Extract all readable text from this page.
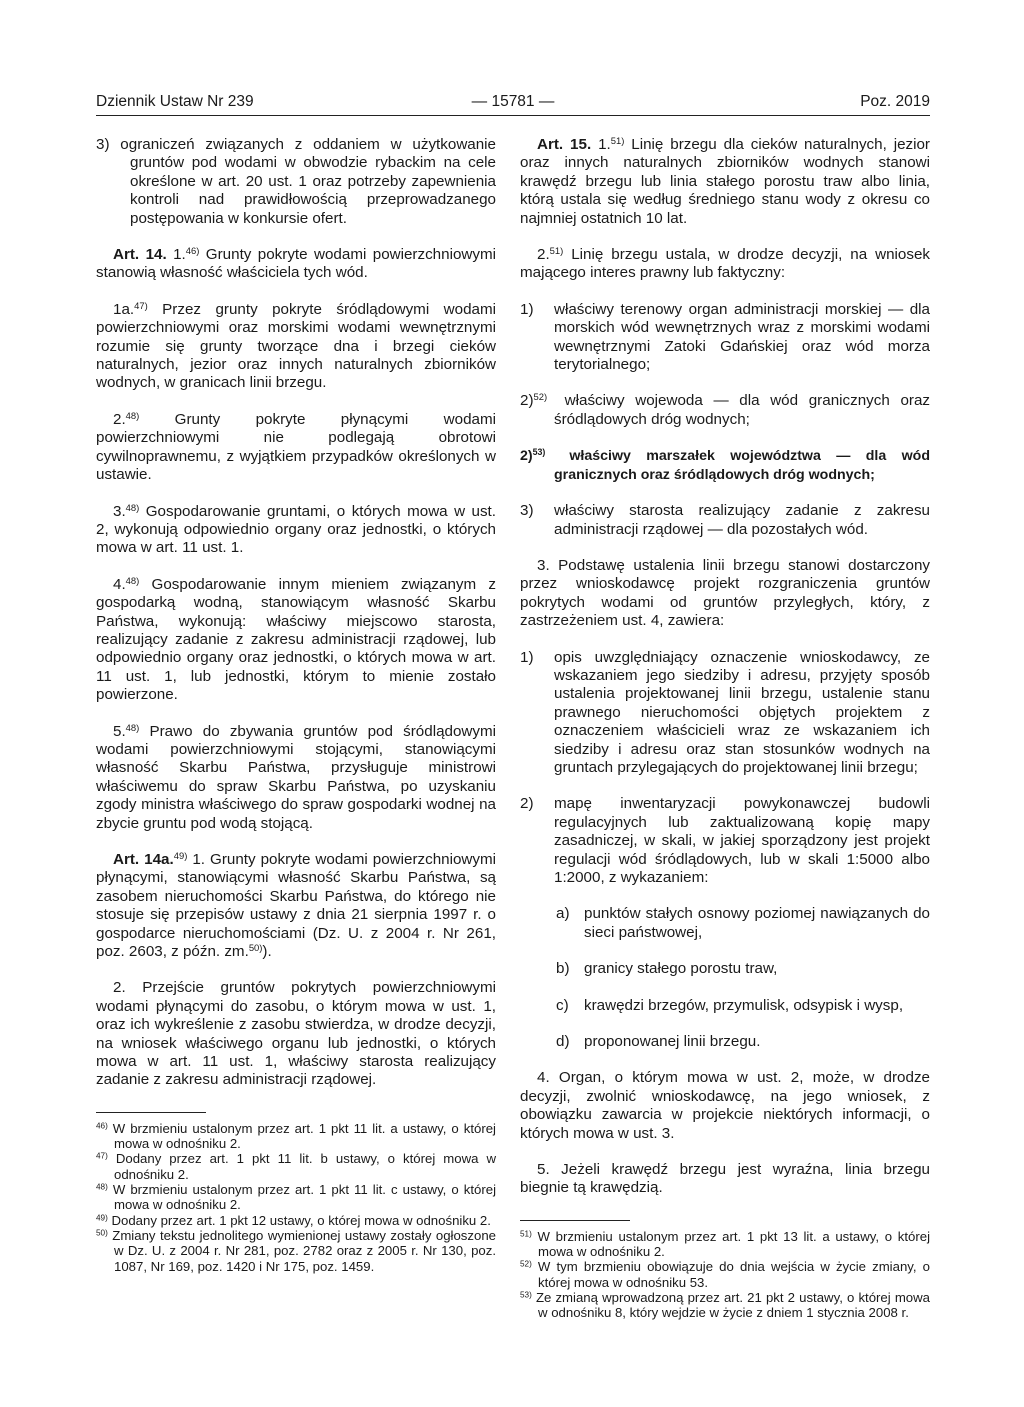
Dziennik Ustaw Nr 239	— 15781 —	Poz. 2019

3) ograniczeń związanych z oddaniem w użytkowanie gruntów pod wodami w obwodzie rybackim na cele określone w art. 20 ust. 1 oraz potrzeby zapewnienia kontroli nad prawidłowością przeprowadzanego postępowania w konkursie ofert.

Art. 14. 1.$^{46)}$ Grunty pokryte wodami powierzchniowymi stanowią własność właściciela tych wód.

1a.$^{47)}$ Przez grunty pokryte śródlądowymi wodami powierzchniowymi oraz morskimi wodami wewnętrznymi rozumie się grunty tworzące dna i brzegi cieków naturalnych, jezior oraz innych naturalnych zbiorników wodnych, w granicach linii brzegu.

2.$^{48)}$ Grunty pokryte płynącymi wodami powierzchniowymi nie podlegają obrotowi cywilnoprawnemu, z wyjątkiem przypadków określonych w ustawie.

3.$^{48)}$ Gospodarowanie gruntami, o których mowa w ust. 2, wykonują odpowiednio organy oraz jednostki, o których mowa w art. 11 ust. 1.

4.$^{48)}$ Gospodarowanie innym mieniem związanym z gospodarką wodną, stanowiącym własność Skarbu Państwa, wykonują: właściwy miejscowo starosta, realizujący zadanie z zakresu administracji rządowej, lub odpowiednio organy oraz jednostki, o których mowa w art. 11 ust. 1, lub jednostki, którym to mienie zostało powierzone.

5.$^{48)}$ Prawo do zbywania gruntów pod śródlądowymi wodami powierzchniowymi stojącymi, stanowiącymi własność Skarbu Państwa, przysługuje ministrowi właściwemu do spraw Skarbu Państwa, po uzyskaniu zgody ministra właściwego do spraw gospodarki wodnej na zbycie gruntu pod wodą stojącą.

Art. 14a.$^{49)}$ 1. Grunty pokryte wodami powierzchniowymi płynącymi, stanowiącymi własność Skarbu Państwa, są zasobem nieruchomości Skarbu Państwa, do którego nie stosuje się przepisów ustawy z dnia 21 sierpnia 1997 r. o gospodarce nieruchomościami (Dz. U. z 2004 r. Nr 261, poz. 2603, z późn. zm.$^{50)}$).

2. Przejście gruntów pokrytych powierzchniowymi wodami płynącymi do zasobu, o którym mowa w ust. 1, oraz ich wykreślenie z zasobu stwierdza, w drodze decyzji, na wniosek właściwego organu lub jednostki, o których mowa w art. 11 ust. 1, właściwy starosta realizujący zadanie z zakresu administracji rządowej.

$^{46)}$ W brzmieniu ustalonym przez art. 1 pkt 11 lit. a ustawy, o której mowa w odnośniku 2.

$^{47)}$ Dodany przez art. 1 pkt 11 lit. b ustawy, o której mowa w odnośniku 2.

$^{48)}$ W brzmieniu ustalonym przez art. 1 pkt 11 lit. c ustawy, o której mowa w odnośniku 2.

$^{49)}$ Dodany przez art. 1 pkt 12 ustawy, o której mowa w odnośniku 2.

$^{50)}$ Zmiany tekstu jednolitego wymienionej ustawy zostały ogłoszone w Dz. U. z 2004 r. Nr 281, poz. 2782 oraz z 2005 r. Nr 130, poz. 1087, Nr 169, poz. 1420 i Nr 175, poz. 1459.

Art. 15. 1.$^{51)}$ Linię brzegu dla cieków naturalnych, jezior oraz innych naturalnych zbiorników wodnych stanowi krawędź brzegu lub linia stałego porostu traw albo linia, którą ustala się według średniego stanu wody z okresu co najmniej ostatnich 10 lat.

2.$^{51)}$ Linię brzegu ustala, w drodze decyzji, na wniosek mającego interes prawny lub faktyczny:

1) właściwy terenowy organ administracji morskiej — dla morskich wód wewnętrznych wraz z morskimi wodami wewnętrznymi Zatoki Gdańskiej oraz wód morza terytorialnego;

2)$^{52)}$ właściwy wojewoda — dla wód granicznych oraz śródlądowych dróg wodnych;

2)$^{53)}$ właściwy marszałek województwa — dla wód granicznych oraz śródlądowych dróg wodnych;

3) właściwy starosta realizujący zadanie z zakresu administracji rządowej — dla pozostałych wód.

3. Podstawę ustalenia linii brzegu stanowi dostarczony przez wnioskodawcę projekt rozgraniczenia gruntów pokrytych wodami od gruntów przyległych, który, z zastrzeżeniem ust. 4, zawiera:

1) opis uwzględniający oznaczenie wnioskodawcy, ze wskazaniem jego siedziby i adresu, przyjęty sposób ustalenia projektowanej linii brzegu, ustalenie stanu prawnego nieruchomości objętych projektem z oznaczeniem właścicieli wraz ze wskazaniem ich siedziby i adresu oraz stan stosunków wodnych na gruntach przylegających do projektowanej linii brzegu;

2) mapę inwentaryzacji powykonawczej budowli regulacyjnych lub zaktualizowaną kopię mapy zasadniczej, w skali, w jakiej sporządzony jest projekt regulacji wód śródlądowych, lub w skali 1:5000 albo 1:2000, z wykazaniem:

a) punktów stałych osnowy poziomej nawiązanych do sieci państwowej,

b) granicy stałego porostu traw,

c) krawędzi brzegów, przymulisk, odsypisk i wysp,

d) proponowanej linii brzegu.

4. Organ, o którym mowa w ust. 2, może, w drodze decyzji, zwolnić wnioskodawcę, na jego wniosek, z obowiązku zawarcia w projekcie niektórych informacji, o których mowa w ust. 3.

5. Jeżeli krawędź brzegu jest wyraźna, linia brzegu biegnie tą krawędzią.

$^{51)}$ W brzmieniu ustalonym przez art. 1 pkt 13 lit. a ustawy, o której mowa w odnośniku 2.

$^{52)}$ W tym brzmieniu obowiązuje do dnia wejścia w życie zmiany, o której mowa w odnośniku 53.

$^{53)}$ Ze zmianą wprowadzoną przez art. 21 pkt 2 ustawy, o której mowa w odnośniku 8, który wejdzie w życie z dniem 1 stycznia 2008 r.
